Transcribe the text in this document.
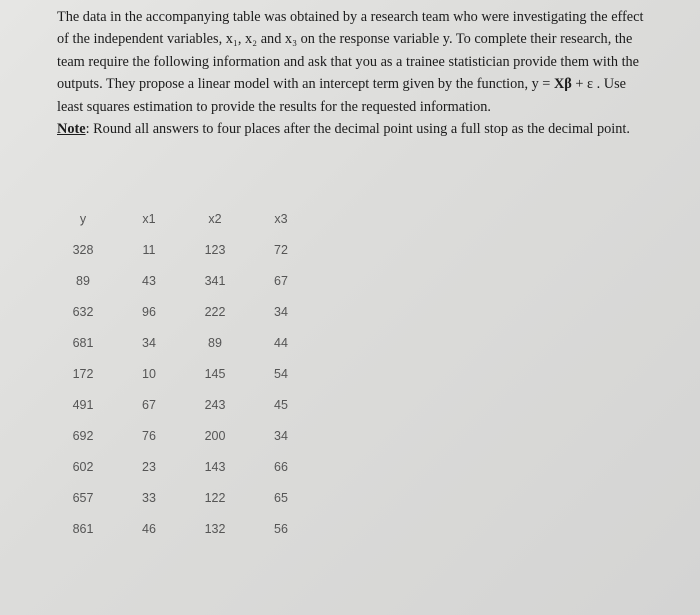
The data in the accompanying table was obtained by a research team who were investigating the effect

of the independent variables, x₁, x₂ and x₃ on the response variable y. To complete their research, the

team require the following information and ask that you as a trainee statistician provide them with the

outputs. They propose a linear model with an intercept term given by the function, y = Xβ + ε . Use

least squares estimation to provide the results for the requested information.

Note: Round all answers to four places after the decimal point using a full stop as the decimal point.

y	x1	x2	x3
328	11	123	72
89	43	341	67
632	96	222	34
681	34	89	44
172	10	145	54
491	67	243	45
692	76	200	34
602	23	143	66
657	33	122	65
861	46	132	56
